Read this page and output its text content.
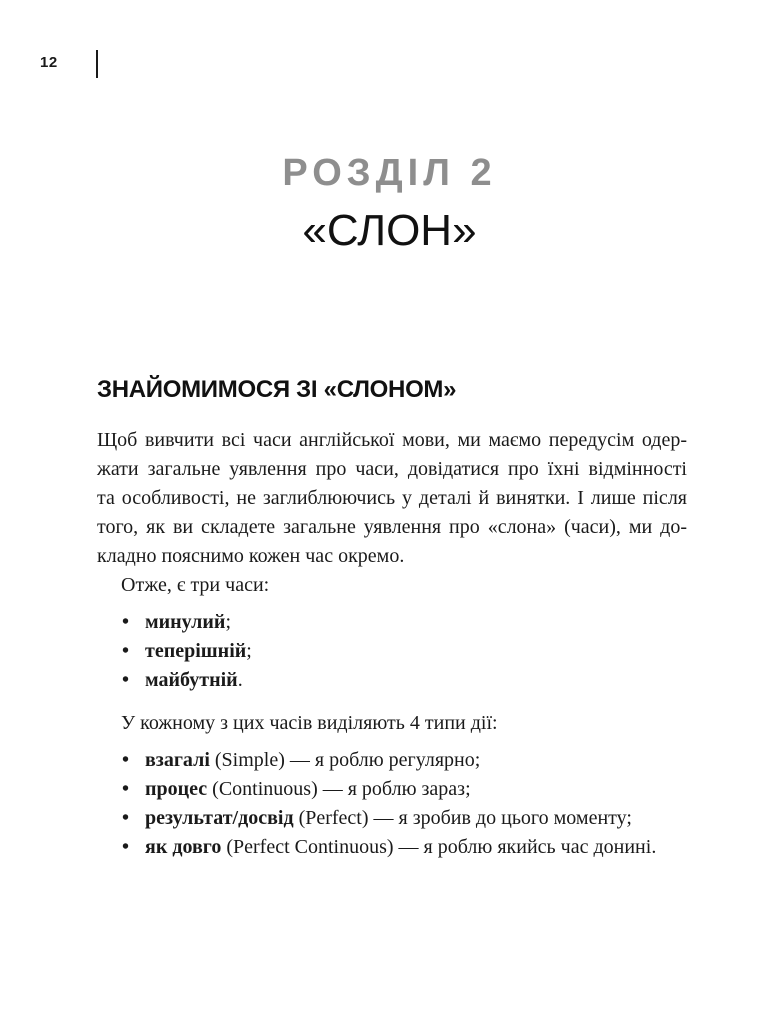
12
РОЗДІЛ 2
«СЛОН»
ЗНАЙОМИМОСЯ ЗІ «СЛОНОМ»

Щоб вивчити всі часи англійської мови, ми маємо передусім одер-
жати загальне уявлення про часи, довідатися про їхні відмінності
та особливості, не заглиблюючись у деталі й винятки. І лише після
того, як ви складете загальне уявлення про «слона» (часи), ми до-
кладно пояснимо кожен час окремо.

Отже, є три часи:

• минулий;
• теперішній;
• майбутній.

У кожному з цих часів виділяють 4 типи дії:

• взагалі (Simple) — я роблю регулярно;
• процес (Continuous) — я роблю зараз;
• результат/досвід (Perfect) — я зробив до цього моменту;
• як довго (Perfect Continuous) — я роблю якийсь час донині.
